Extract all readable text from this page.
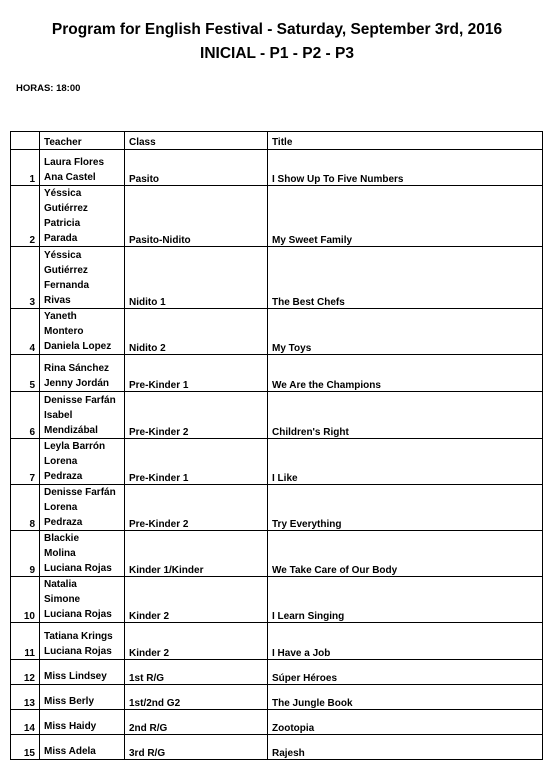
Program for English Festival - Saturday, September 3rd, 2016
INICIAL - P1 - P2 - P3
HORAS: 18:00
	Teacher	Class	Title
1	Laura Flores
Ana Castel	Pasito	I Show Up To Five Numbers
2	Yéssica
Gutiérrez
Patricia
Parada	Pasito-Nidito	My Sweet Family
3	Yéssica
Gutiérrez
Fernanda
Rivas	Nidito 1	The Best Chefs
4	Yaneth
Montero
Daniela Lopez	Nidito 2	My Toys
5	Rina Sánchez
Jenny Jordán	Pre-Kinder 1	We Are the Champions
6	Denisse Farfán
Isabel
Mendizábal	Pre-Kinder 2	Children's Right
7	Leyla Barrón
Lorena
Pedraza	Pre-Kinder 1	I Like
8	Denisse Farfán
Lorena
Pedraza	Pre-Kinder 2	Try Everything
9	Blackie
Molina
Luciana Rojas	Kinder 1/Kinder	We Take Care of Our Body
10	Natalia
Simone
Luciana Rojas	Kinder 2	I Learn Singing
11	Tatiana Krings
Luciana Rojas	Kinder 2	I Have a Job
12	Miss Lindsey	1st R/G	Súper Héroes
13	Miss Berly	1st/2nd G2	The Jungle Book
14	Miss Haidy	2nd R/G	Zootopia
15	Miss Adela	3rd R/G	Rajesh
